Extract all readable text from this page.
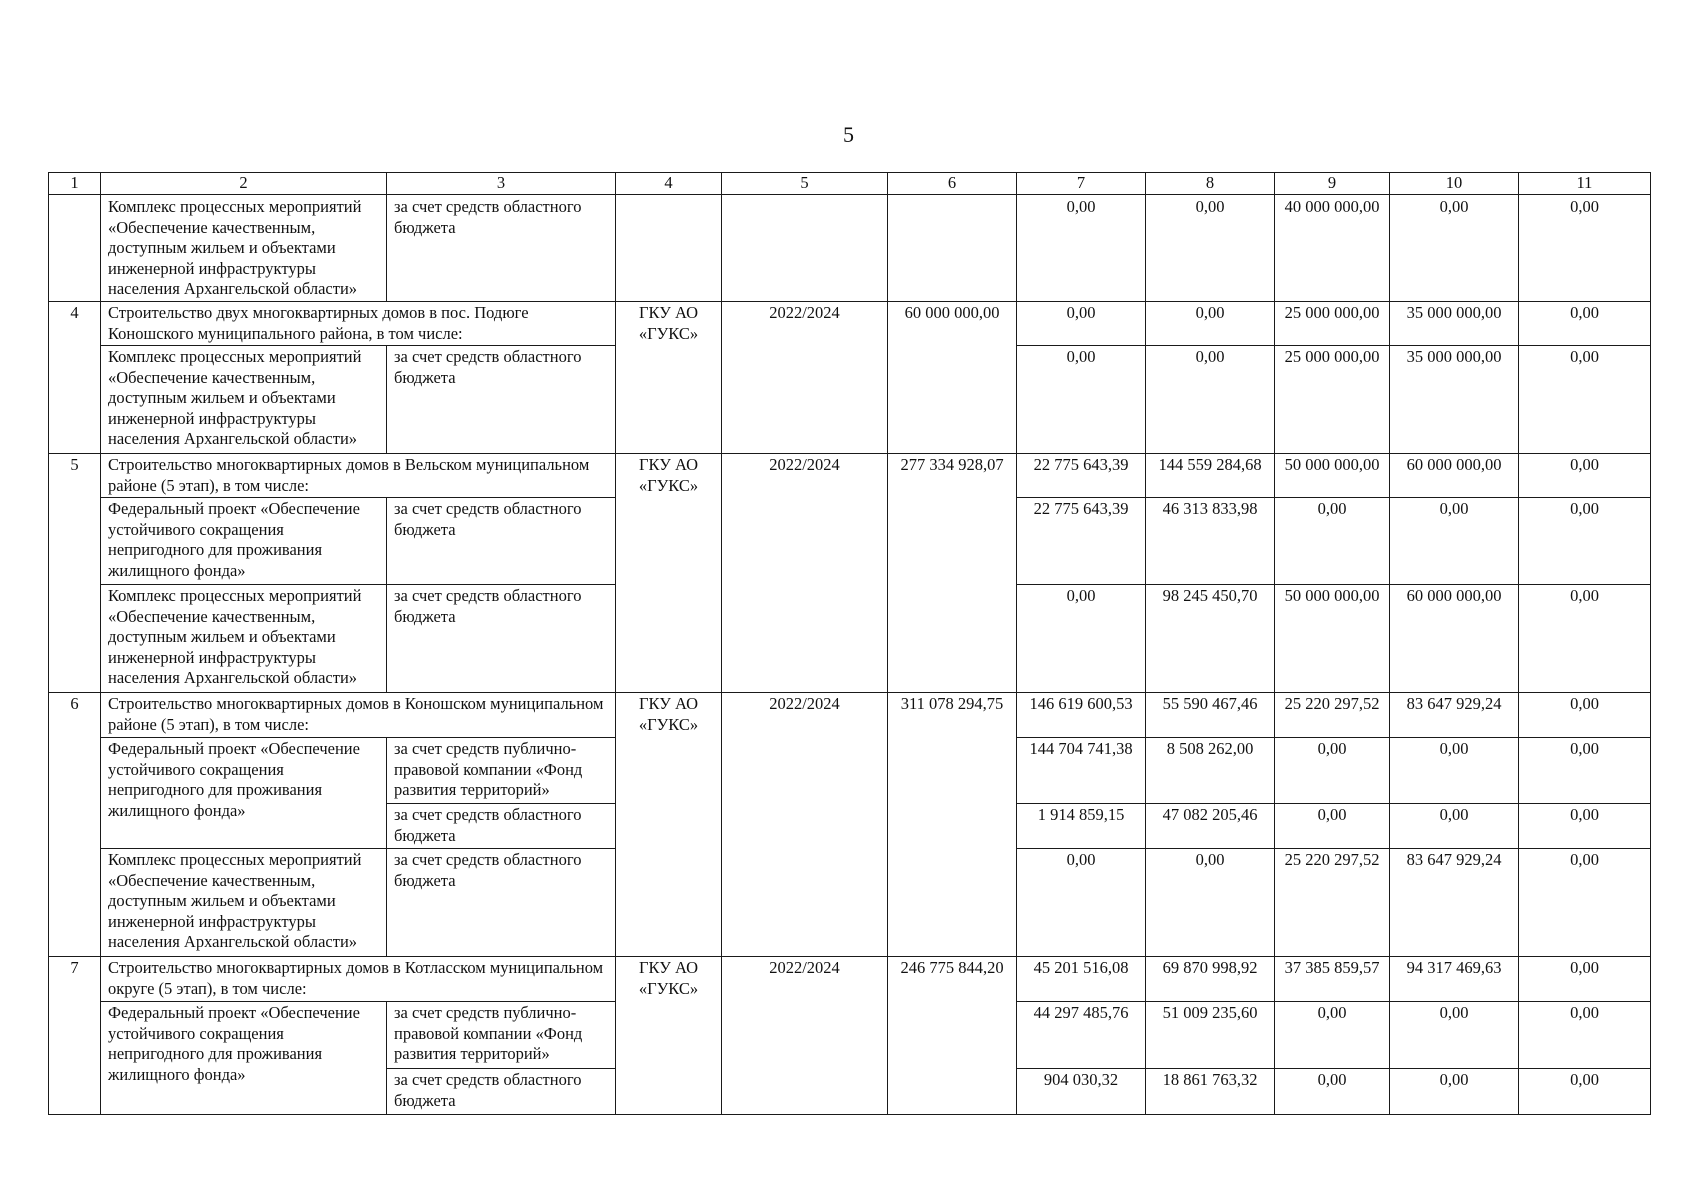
5
1	2	3	4	5	6	7	8	9	10	11
	Комплекс процессных мероприятий «Обеспечение качественным, доступным жильем и объектами инженерной инфраструктуры населения Архангельской области»	за счет средств областного бюджета				0,00	0,00	40 000 000,00	0,00	0,00
4	Строительство двух многоквартирных домов в пос. Подюге Коношского муниципального района, в том числе:		ГКУ АО «ГУКС»	2022/2024	60 000 000,00	0,00	0,00	25 000 000,00	35 000 000,00	0,00
	Комплекс процессных мероприятий «Обеспечение качественным, доступным жильем и объектами инженерной инфраструктуры населения Архангельской области»	за счет средств областного бюджета				0,00	0,00	25 000 000,00	35 000 000,00	0,00
5	Строительство многоквартирных домов в Вельском муниципальном районе (5 этап), в том числе:		ГКУ АО «ГУКС»	2022/2024	277 334 928,07	22 775 643,39	144 559 284,68	50 000 000,00	60 000 000,00	0,00
	Федеральный проект «Обеспечение устойчивого сокращения непригодного для проживания жилищного фонда»	за счет средств областного бюджета				22 775 643,39	46 313 833,98	0,00	0,00	0,00
	Комплекс процессных мероприятий «Обеспечение качественным, доступным жильем и объектами инженерной инфраструктуры населения Архангельской области»	за счет средств областного бюджета				0,00	98 245 450,70	50 000 000,00	60 000 000,00	0,00
6	Строительство многоквартирных домов в Коношском муниципальном районе (5 этап), в том числе:		ГКУ АО «ГУКС»	2022/2024	311 078 294,75	146 619 600,53	55 590 467,46	25 220 297,52	83 647 929,24	0,00
	Федеральный проект «Обеспечение устойчивого сокращения непригодного для проживания жилищного фонда»	за счет средств публично-правовой компании «Фонд развития территорий»				144 704 741,38	8 508 262,00	0,00	0,00	0,00
		за счет средств областного бюджета				1 914 859,15	47 082 205,46	0,00	0,00	0,00
	Комплекс процессных мероприятий «Обеспечение качественным, доступным жильем и объектами инженерной инфраструктуры населения Архангельской области»	за счет средств областного бюджета				0,00	0,00	25 220 297,52	83 647 929,24	0,00
7	Строительство многоквартирных домов в Котласском муниципальном округе (5 этап), в том числе:		ГКУ АО «ГУКС»	2022/2024	246 775 844,20	45 201 516,08	69 870 998,92	37 385 859,57	94 317 469,63	0,00
	Федеральный проект «Обеспечение устойчивого сокращения непригодного для проживания жилищного фонда»	за счет средств публично-правовой компании «Фонд развития территорий»				44 297 485,76	51 009 235,60	0,00	0,00	0,00
		за счет средств областного бюджета				904 030,32	18 861 763,32	0,00	0,00	0,00
